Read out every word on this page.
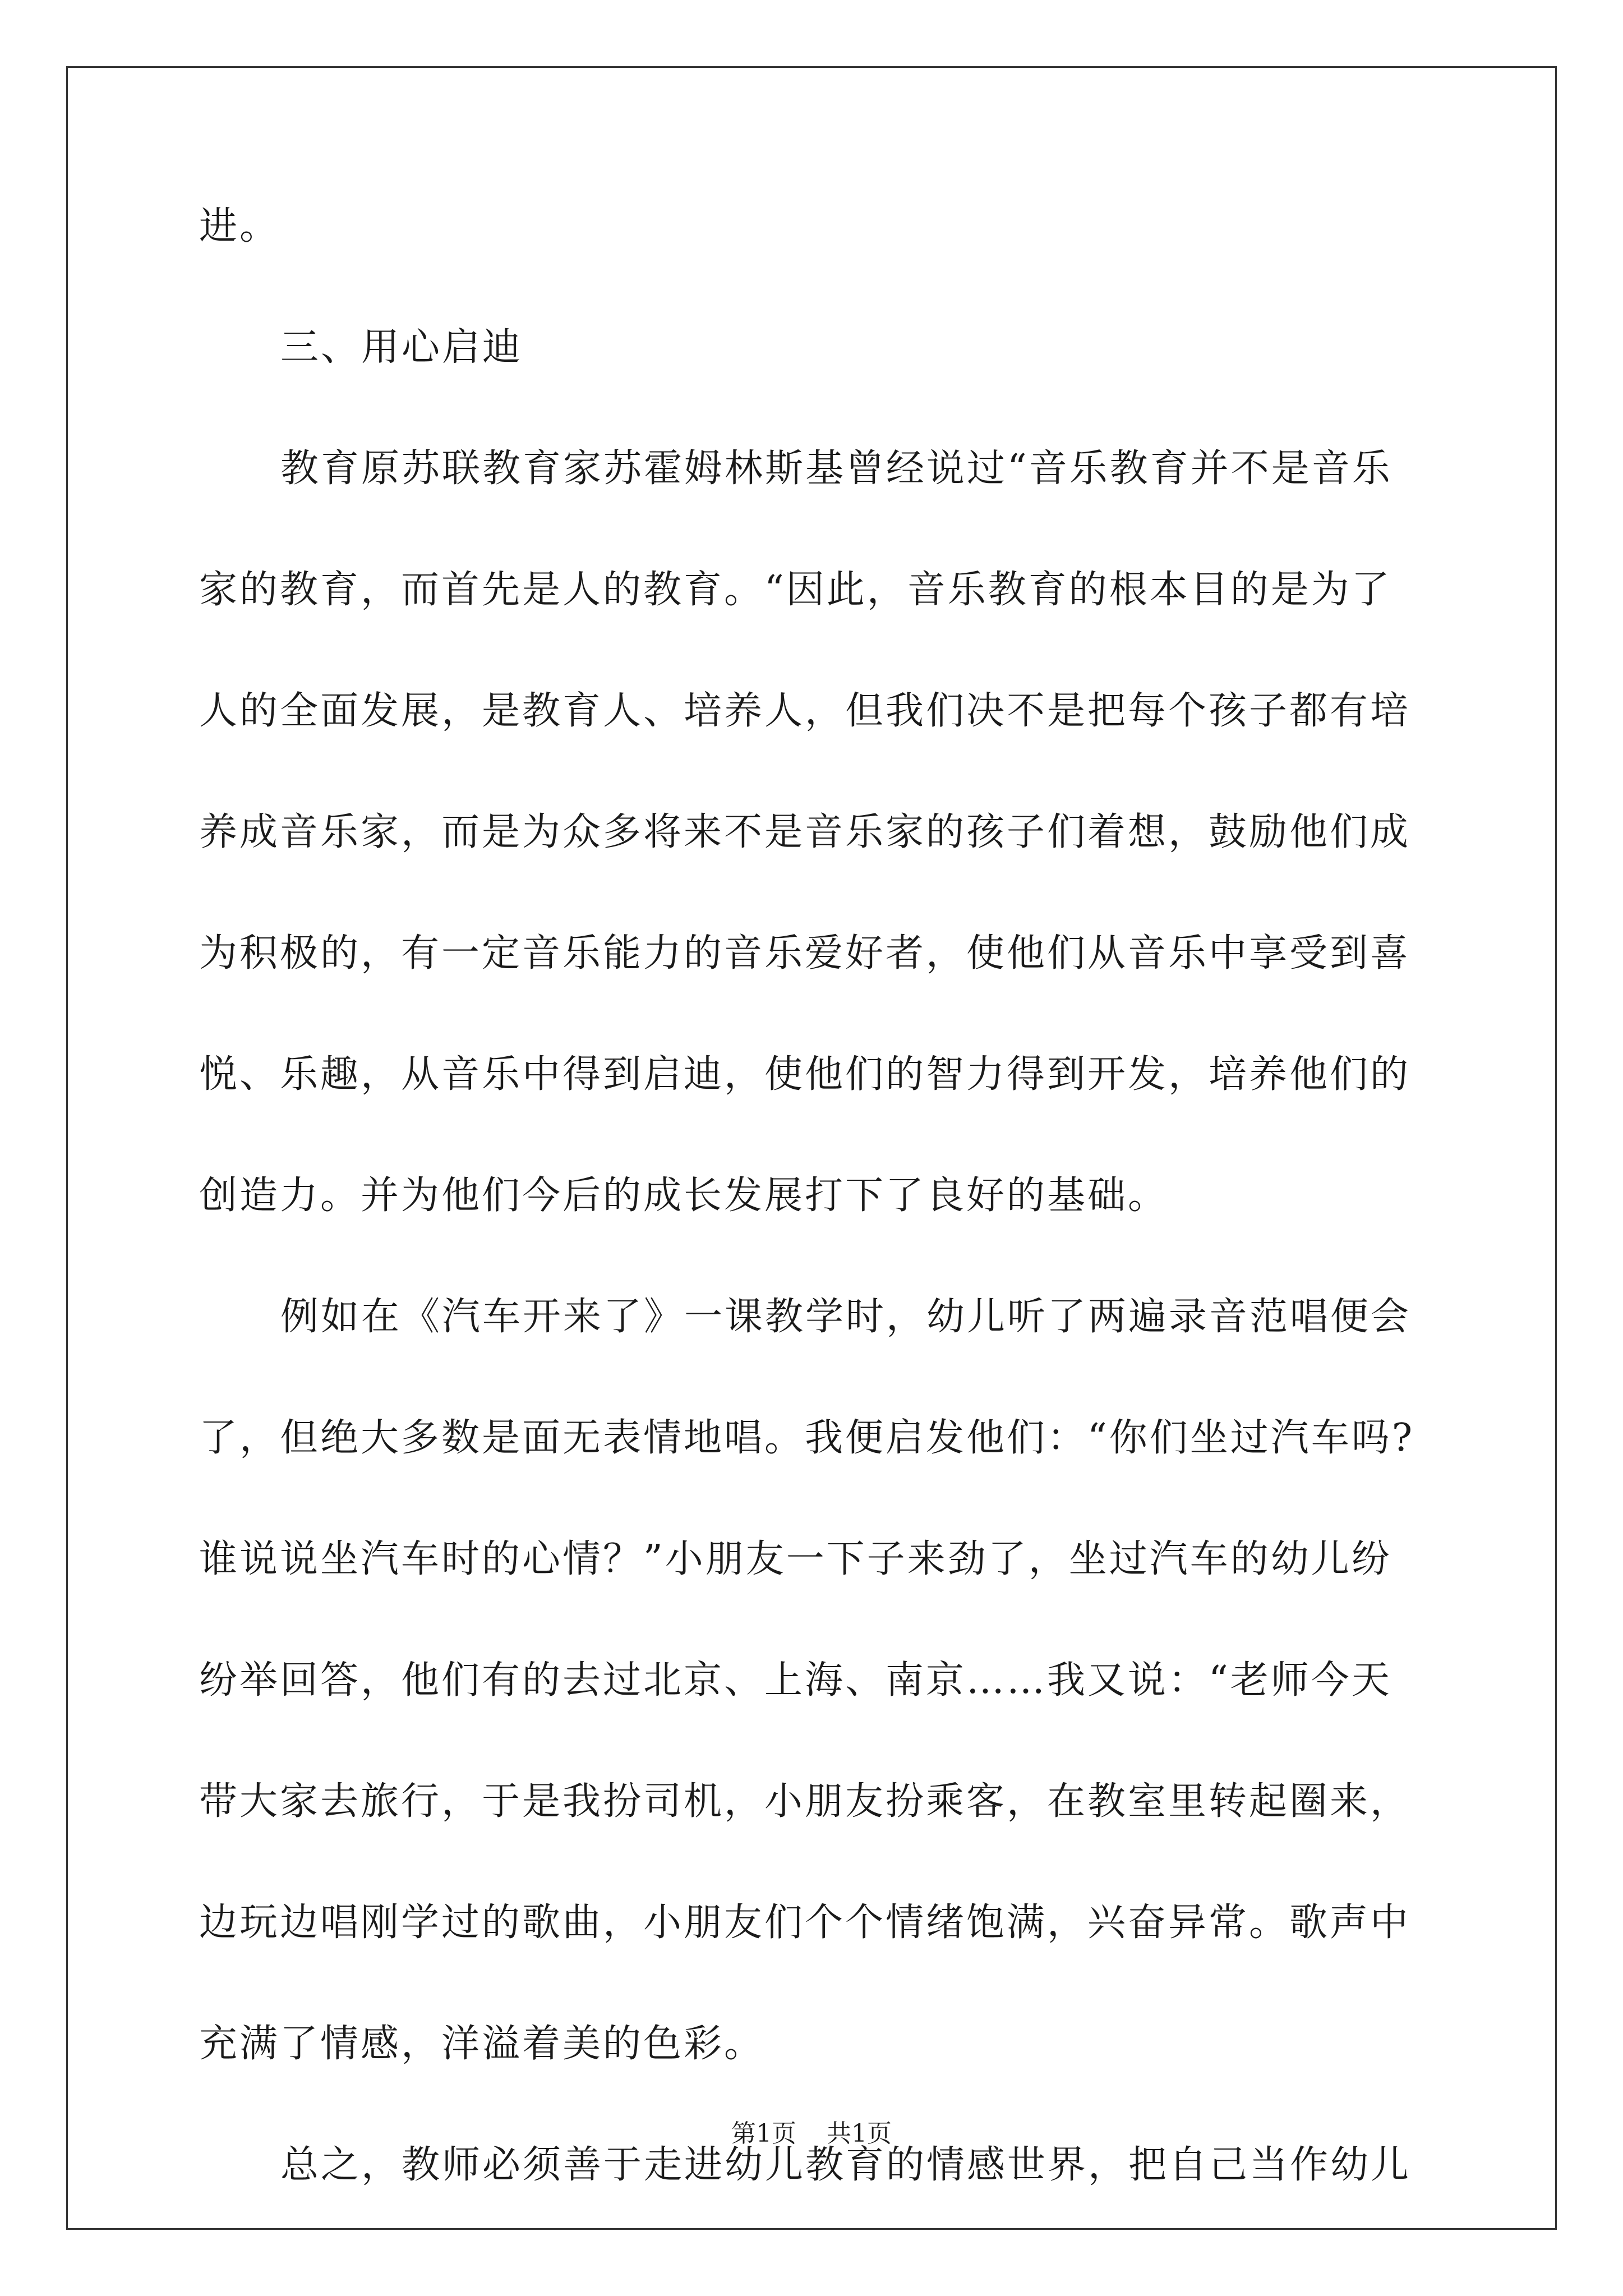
进。
三、用心启迪
教育原苏联教育家苏霍姆林斯基曾经说过“音乐教育并不是音乐
家的教育，而首先是人的教育。“因此，音乐教育的根本目的是为了
人的全面发展，是教育人、培养人，但我们决不是把每个孩子都有培
养成音乐家，而是为众多将来不是音乐家的孩子们着想，鼓励他们成
为积极的，有一定音乐能力的音乐爱好者，使他们从音乐中享受到喜
悦、乐趣，从音乐中得到启迪，使他们的智力得到开发，培养他们的
创造力。并为他们今后的成长发展打下了良好的基础。
例如在《汽车开来了》一课教学时，幼儿听了两遍录音范唱便会
了，但绝大多数是面无表情地唱。我便启发他们：“你们坐过汽车吗?
谁说说坐汽车时的心情？”小朋友一下子来劲了，坐过汽车的幼儿纷
纷举回答，他们有的去过北京、上海、南京……我又说：“老师今天
带大家去旅行，于是我扮司机，小朋友扮乘客，在教室里转起圈来，
边玩边唱刚学过的歌曲，小朋友们个个情绪饱满，兴奋异常。歌声中
充满了情感，洋溢着美的色彩。
总之，教师必须善于走进幼儿教育的情感世界，把自己当作幼儿
第1页 共1页
